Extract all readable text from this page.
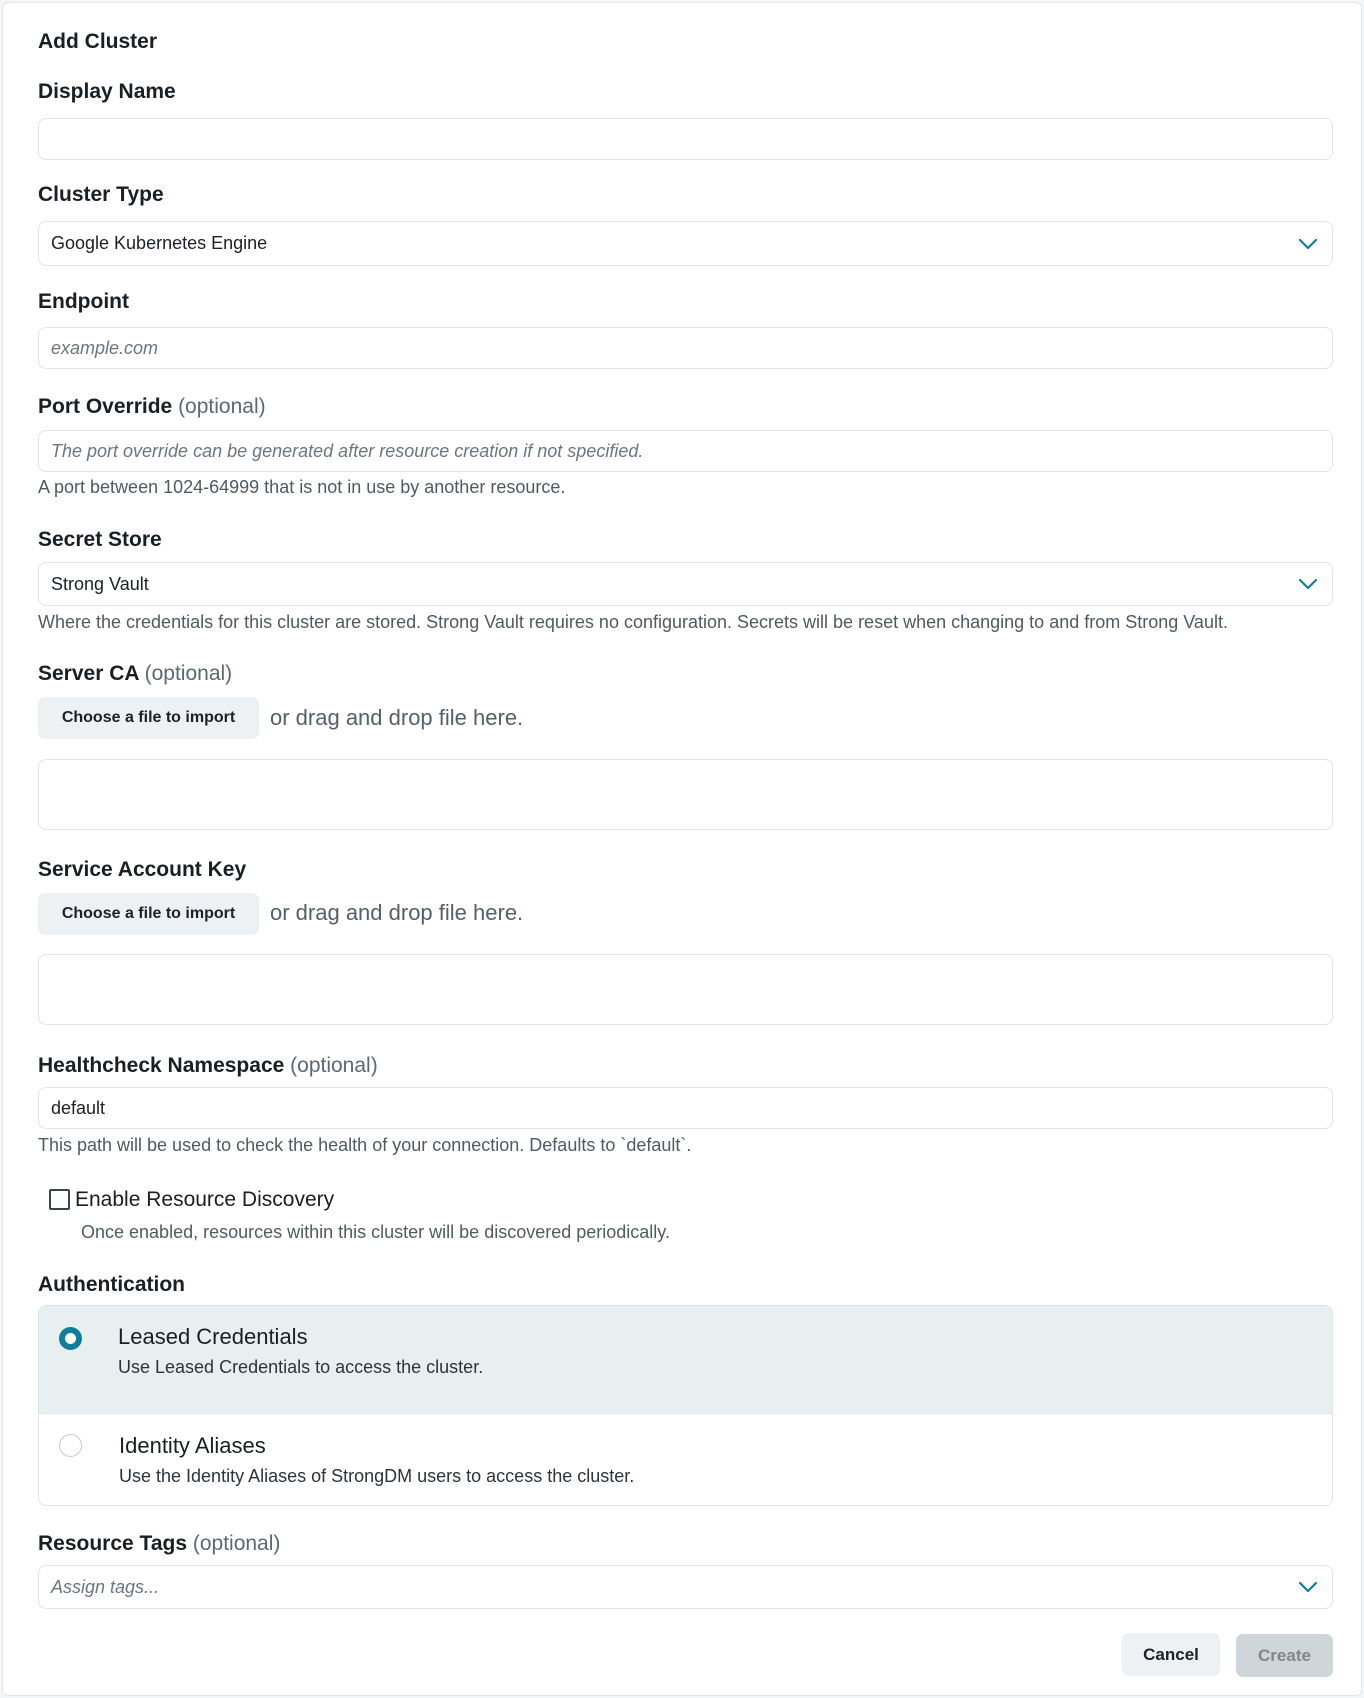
Add Cluster
Display Name
Cluster Type
Google Kubernetes Engine
Endpoint
example.com
Port Override (optional)
The port override can be generated after resource creation if not specified.
A port between 1024-64999 that is not in use by another resource.
Secret Store
Strong Vault
Where the credentials for this cluster are stored. Strong Vault requires no configuration. Secrets will be reset when changing to and from Strong Vault.
Server CA (optional)
Choose a file to import	or drag and drop file here.
Service Account Key
Choose a file to import	or drag and drop file here.
Healthcheck Namespace (optional)
default
This path will be used to check the health of your connection. Defaults to `default`.
Enable Resource Discovery
Once enabled, resources within this cluster will be discovered periodically.
Authentication
Leased Credentials
Use Leased Credentials to access the cluster.
Identity Aliases
Use the Identity Aliases of StrongDM users to access the cluster.
Resource Tags (optional)
Assign tags...
Cancel	Create
